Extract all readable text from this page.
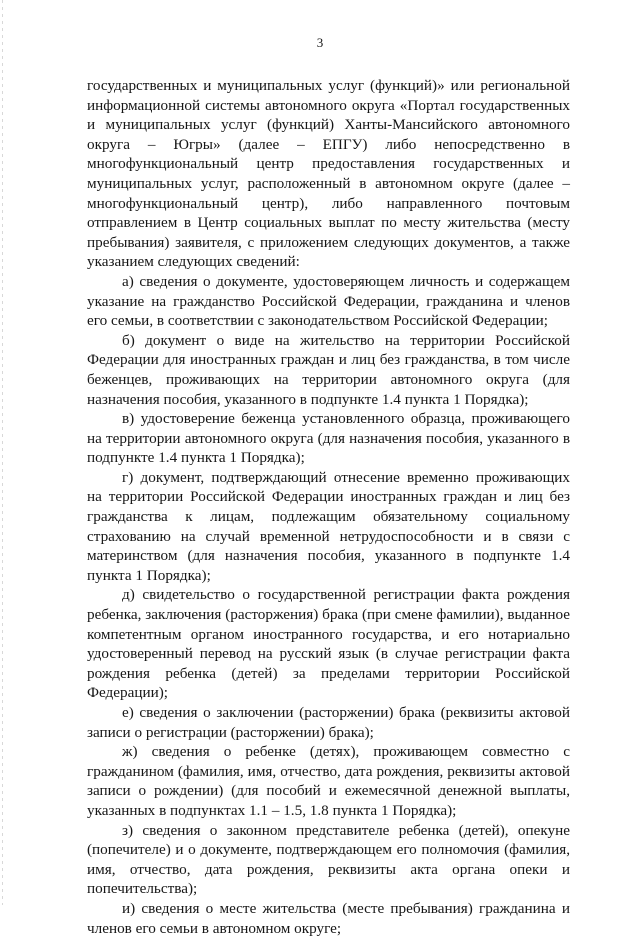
3

государственных и муниципальных услуг (функций)» или региональной информационной системы автономного округа «Портал государственных и муниципальных услуг (функций) Ханты-Мансийского автономного округа – Югры» (далее – ЕПГУ) либо непосредственно в многофункциональный центр предоставления государственных и муниципальных услуг, расположенный в автономном округе (далее – многофункциональный центр), либо направленного почтовым отправлением в Центр социальных выплат по месту жительства (месту пребывания) заявителя, с приложением следующих документов, а также указанием следующих сведений:

а) сведения о документе, удостоверяющем личность и содержащем указание на гражданство Российской Федерации, гражданина и членов его семьи, в соответствии с законодательством Российской Федерации;

б) документ о виде на жительство на территории Российской Федерации для иностранных граждан и лиц без гражданства, в том числе беженцев, проживающих на территории автономного округа (для назначения пособия, указанного в подпункте 1.4 пункта 1 Порядка);

в) удостоверение беженца установленного образца, проживающего на территории автономного округа (для назначения пособия, указанного в подпункте 1.4 пункта 1 Порядка);

г) документ, подтверждающий отнесение временно проживающих на территории Российской Федерации иностранных граждан и лиц без гражданства к лицам, подлежащим обязательному социальному страхованию на случай временной нетрудоспособности и в связи с материнством (для назначения пособия, указанного в подпункте 1.4 пункта 1 Порядка);

д) свидетельство о государственной регистрации факта рождения ребенка, заключения (расторжения) брака (при смене фамилии), выданное компетентным органом иностранного государства, и его нотариально удостоверенный перевод на русский язык (в случае регистрации факта рождения ребенка (детей) за пределами территории Российской Федерации);

е) сведения о заключении (расторжении) брака (реквизиты актовой записи о регистрации (расторжении) брака);

ж) сведения о ребенке (детях), проживающем совместно с гражданином (фамилия, имя, отчество, дата рождения, реквизиты актовой записи о рождении) (для пособий и ежемесячной денежной выплаты, указанных в подпунктах 1.1 – 1.5, 1.8 пункта 1 Порядка);

з) сведения о законном представителе ребенка (детей), опекуне (попечителе) и о документе, подтверждающем его полномочия (фамилия, имя, отчество, дата рождения, реквизиты акта органа опеки и попечительства);

и) сведения о месте жительства (месте пребывания) гражданина и членов его семьи в автономном округе;
